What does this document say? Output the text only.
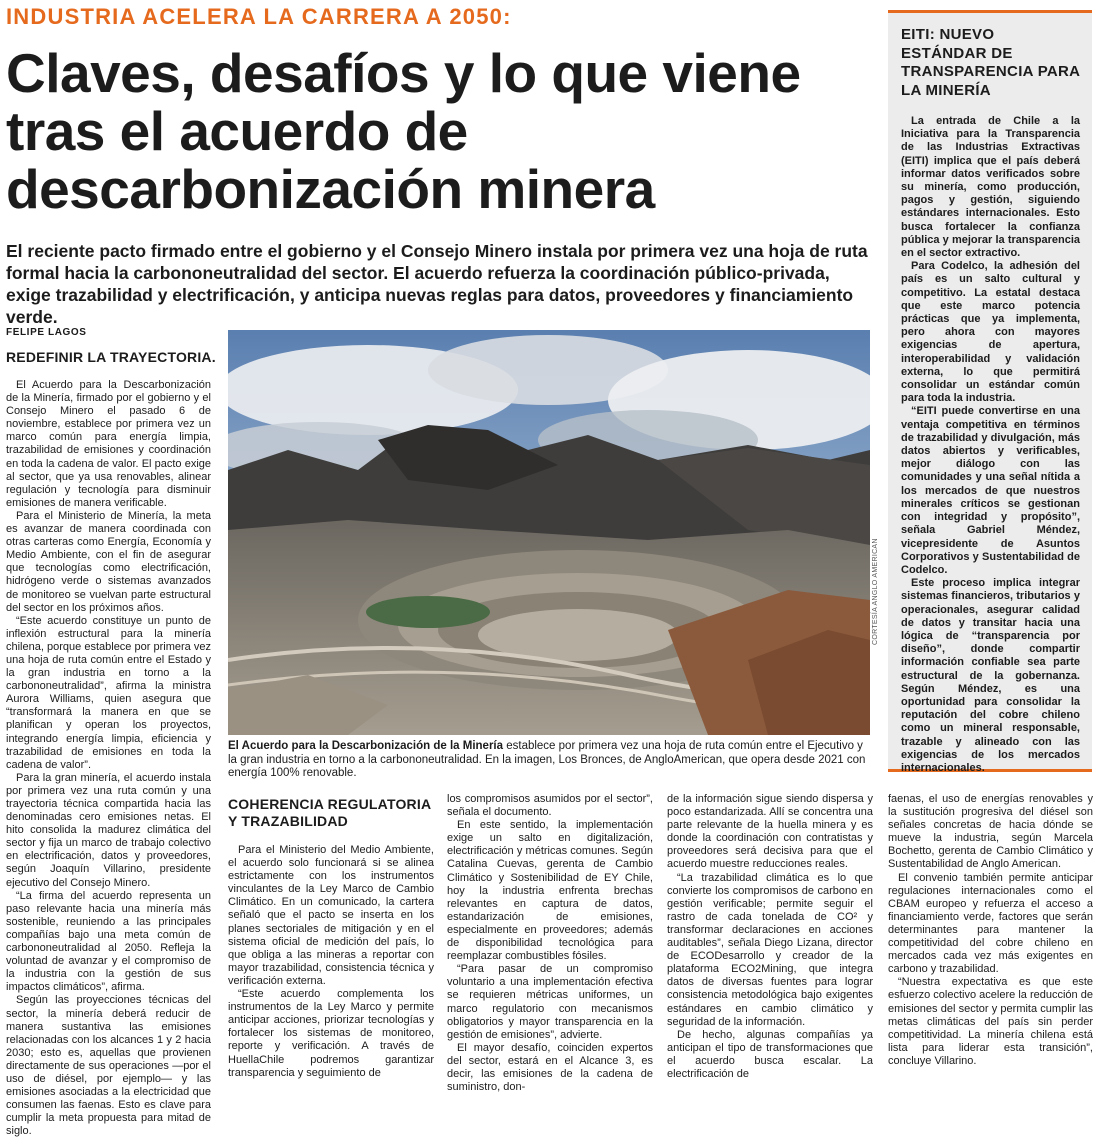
INDUSTRIA ACELERA LA CARRERA A 2050:
Claves, desafíos y lo que viene tras el acuerdo de descarbonización minera

El reciente pacto firmado entre el gobierno y el Consejo Minero instala por primera vez una hoja de ruta formal hacia la carbononeutralidad del sector. El acuerdo refuerza la coordinación público-privada, exige trazabilidad y electrificación, y anticipa nuevas reglas para datos, proveedores y financiamiento verde.

FELIPE LAGOS
REDEFINIR LA TRAYECTORIA.

El Acuerdo para la Descarbonización de la Minería, firmado por el gobierno y el Consejo Minero el pasado 6 de noviembre, establece por primera vez un marco común para energía limpia, trazabilidad de emisiones y coordinación en toda la cadena de valor. El pacto exige al sector, que ya usa renovables, alinear regulación y tecnología para disminuir emisiones de manera verificable.

Para el Ministerio de Minería, la meta es avanzar de manera coordinada con otras carteras como Energía, Economía y Medio Ambiente, con el fin de asegurar que tecnologías como electrificación, hidrógeno verde o sistemas avanzados de monitoreo se vuelvan parte estructural del sector en los próximos años.

“Este acuerdo constituye un punto de inflexión estructural para la minería chilena, porque establece por primera vez una hoja de ruta común entre el Estado y la gran industria en torno a la carbononeutralidad”, afirma la ministra Aurora Williams, quien asegura que “transformará la manera en que se planifican y operan los proyectos, integrando energía limpia, eficiencia y trazabilidad de emisiones en toda la cadena de valor”.

Para la gran minería, el acuerdo instala por primera vez una ruta común y una trayectoria técnica compartida hacia las denominadas cero emisiones netas. El hito consolida la madurez climática del sector y fija un marco de trabajo colectivo en electrificación, datos y proveedores, según Joaquín Villarino, presidente ejecutivo del Consejo Minero.

“La firma del acuerdo representa un paso relevante hacia una minería más sostenible, reuniendo a las principales compañías bajo una meta común de carbononeutralidad al 2050. Refleja la voluntad de avanzar y el compromiso de la industria con la gestión de sus impactos climáticos”, afirma.

Según las proyecciones técnicas del sector, la minería deberá reducir de manera sustantiva las emisiones relacionadas con los alcances 1 y 2 hacia 2030; esto es, aquellas que provienen directamente de sus operaciones —por el uso de diésel, por ejemplo— y las emisiones asociadas a la electricidad que consumen las faenas. Esto es clave para cumplir la meta propuesta para mitad de siglo.

CORTESÍA ANGLO AMERICAN
El Acuerdo para la Descarbonización de la Minería establece por primera vez una hoja de ruta común entre el Ejecutivo y la gran industria en torno a la carbononeutralidad. En la imagen, Los Bronces, de AngloAmerican, que opera desde 2021 con energía 100% renovable.
COHERENCIA REGULATORIA Y TRAZABILIDAD

Para el Ministerio del Medio Ambiente, el acuerdo solo funcionará si se alinea estrictamente con los instrumentos vinculantes de la Ley Marco de Cambio Climático. En un comunicado, la cartera señaló que el pacto se inserta en los planes sectoriales de mitigación y en el sistema oficial de medición del país, lo que obliga a las mineras a reportar con mayor trazabilidad, consistencia técnica y verificación externa.

“Este acuerdo complementa los instrumentos de la Ley Marco y permite anticipar acciones, priorizar tecnologías y fortalecer los sistemas de monitoreo, reporte y verificación. A través de HuellaChile podremos garantizar transparencia y seguimiento de

los compromisos asumidos por el sector”, señala el documento.

En este sentido, la implementación exige un salto en digitalización, electrificación y métricas comunes. Según Catalina Cuevas, gerenta de Cambio Climático y Sostenibilidad de EY Chile, hoy la industria enfrenta brechas relevantes en captura de datos, estandarización de emisiones, especialmente en proveedores; además de disponibilidad tecnológica para reemplazar combustibles fósiles.

“Para pasar de un compromiso voluntario a una implementación efectiva se requieren métricas uniformes, un marco regulatorio con mecanismos obligatorios y mayor transparencia en la gestión de emisiones”, advierte.

El mayor desafío, coinciden expertos del sector, estará en el Alcance 3, es decir, las emisiones de la cadena de suministro, don-

de la información sigue siendo dispersa y poco estandarizada. Allí se concentra una parte relevante de la huella minera y es donde la coordinación con contratistas y proveedores será decisiva para que el acuerdo muestre reducciones reales.

“La trazabilidad climática es lo que convierte los compromisos de carbono en gestión verificable; permite seguir el rastro de cada tonelada de CO² y transformar declaraciones en acciones auditables”, señala Diego Lizana, director de ECODesarrollo y creador de la plataforma ECO2Mining, que integra datos de diversas fuentes para lograr consistencia metodológica bajo exigentes estándares en cambio climático y seguridad de la información.

De hecho, algunas compañías ya anticipan el tipo de transformaciones que el acuerdo busca escalar. La electrificación de

faenas, el uso de energías renovables y la sustitución progresiva del diésel son señales concretas de hacia dónde se mueve la industria, según Marcela Bochetto, gerenta de Cambio Climático y Sustentabilidad de Anglo American.

El convenio también permite anticipar regulaciones internacionales como el CBAM europeo y refuerza el acceso a financiamiento verde, factores que serán determinantes para mantener la competitividad del cobre chileno en mercados cada vez más exigentes en carbono y trazabilidad.

“Nuestra expectativa es que este esfuerzo colectivo acelere la reducción de emisiones del sector y permita cumplir las metas climáticas del país sin perder competitividad. La minería chilena está lista para liderar esta transición”, concluye Villarino.

EITI: NUEVO ESTÁNDAR DE TRANSPARENCIA PARA LA MINERÍA

La entrada de Chile a la Iniciativa para la Transparencia de las Industrias Extractivas (EITI) implica que el país deberá informar datos verificados sobre su minería, como producción, pagos y gestión, siguiendo estándares internacionales. Esto busca fortalecer la confianza pública y mejorar la transparencia en el sector extractivo.

Para Codelco, la adhesión del país es un salto cultural y competitivo. La estatal destaca que este marco potencia prácticas que ya implementa, pero ahora con mayores exigencias de apertura, interoperabilidad y validación externa, lo que permitirá consolidar un estándar común para toda la industria.

“EITI puede convertirse en una ventaja competitiva en términos de trazabilidad y divulgación, más datos abiertos y verificables, mejor diálogo con las comunidades y una señal nítida a los mercados de que nuestros minerales críticos se gestionan con integridad y propósito”, señala Gabriel Méndez, vicepresidente de Asuntos Corporativos y Sustentabilidad de Codelco.

Este proceso implica integrar sistemas financieros, tributarios y operacionales, asegurar calidad de datos y transitar hacia una lógica de “transparencia por diseño”, donde compartir información confiable sea parte estructural de la gobernanza. Según Méndez, es una oportunidad para consolidar la reputación del cobre chileno como un mineral responsable, trazable y alineado con las exigencias de los mercados internacionales.
